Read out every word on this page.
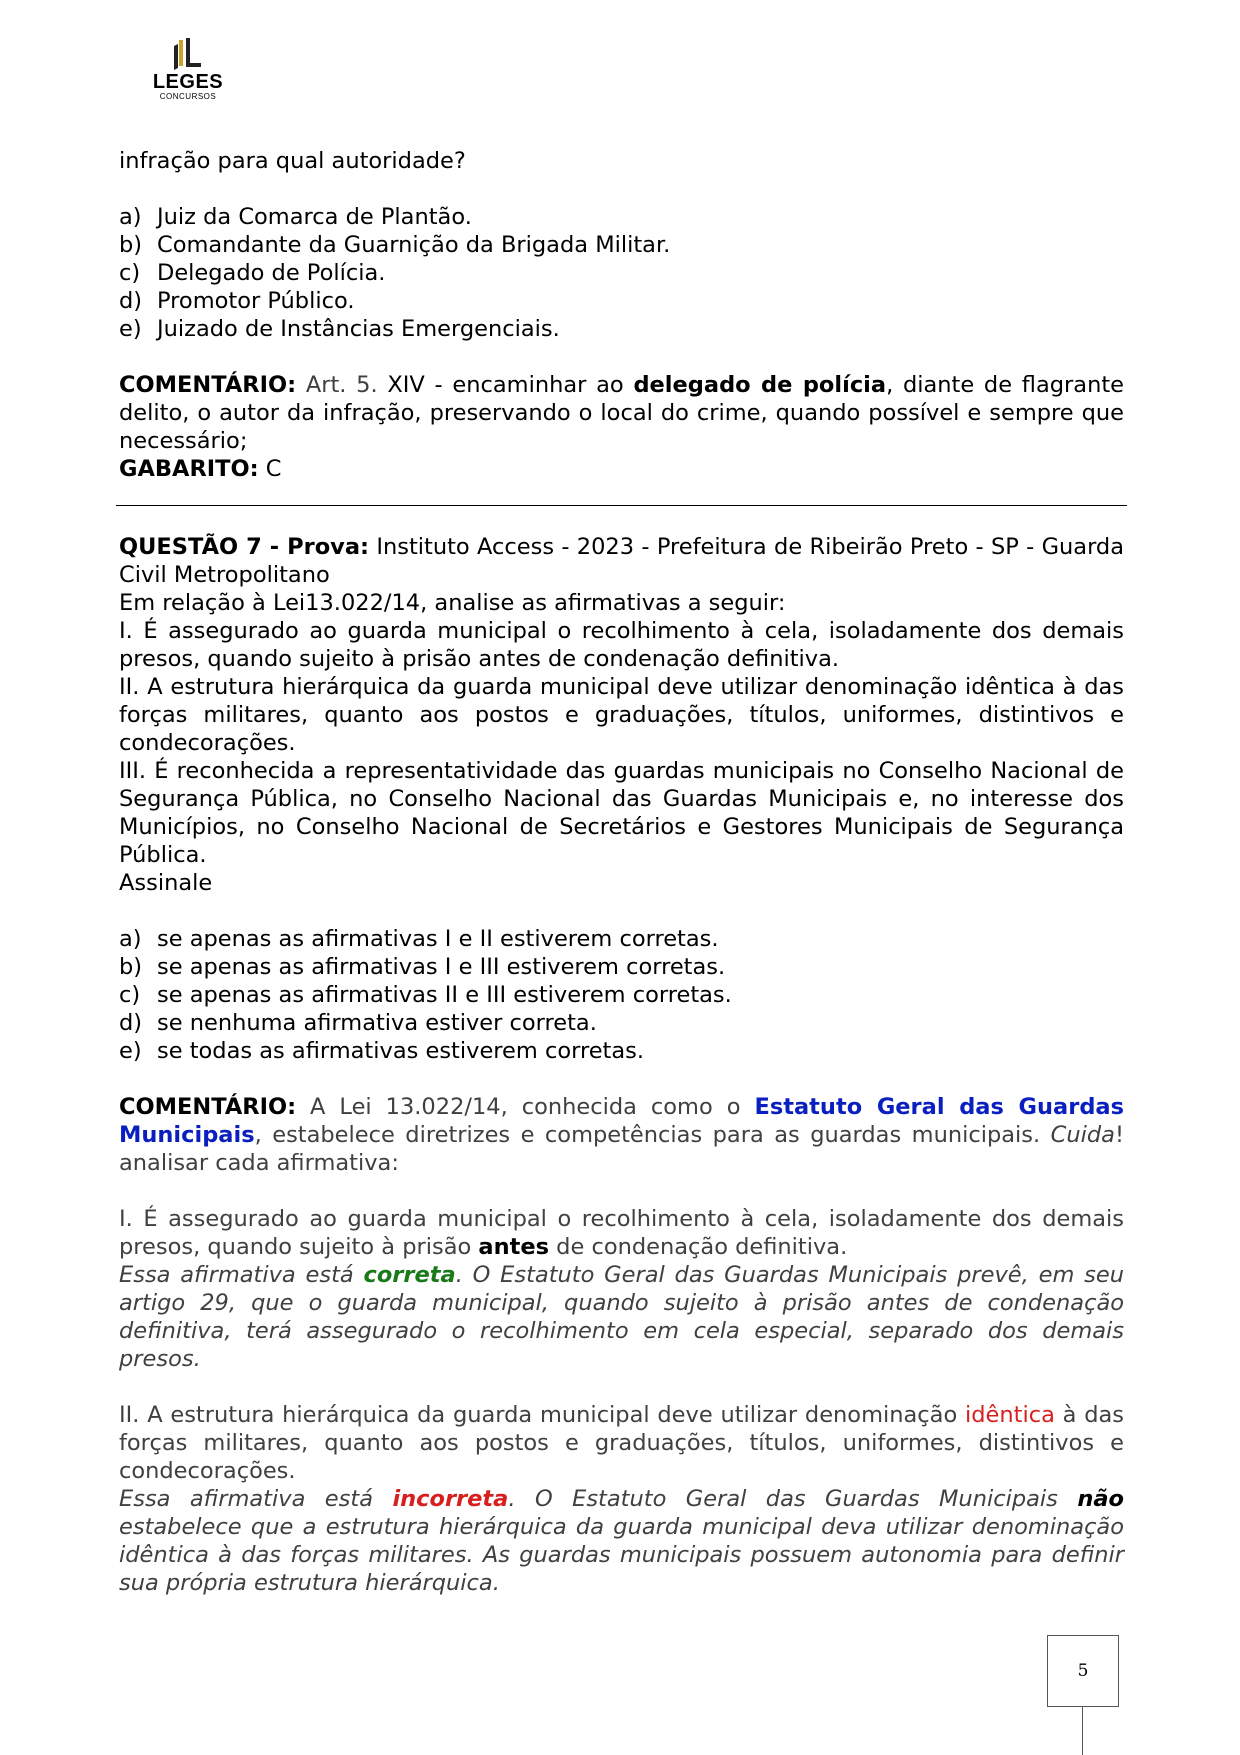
LEGES
CONCURSOS

infração para qual autoridade?

a) Juiz da Comarca de Plantão.
b) Comandante da Guarnição da Brigada Militar.
c) Delegado de Polícia.
d) Promotor Público.
e) Juizado de Instâncias Emergenciais.

COMENTÁRIO: Art. 5. XIV - encaminhar ao delegado de polícia, diante de flagrante delito, o autor da infração, preservando o local do crime, quando possível e sempre que necessário;

GABARITO: C

QUESTÃO 7 - Prova: Instituto Access - 2023 - Prefeitura de Ribeirão Preto - SP - Guarda Civil Metropolitano

Em relação à Lei13.022/14, analise as afirmativas a seguir:

I. É assegurado ao guarda municipal o recolhimento à cela, isoladamente dos demais presos, quando sujeito à prisão antes de condenação definitiva.

II. A estrutura hierárquica da guarda municipal deve utilizar denominação idêntica à das forças militares, quanto aos postos e graduações, títulos, uniformes, distintivos e condecorações.

III. É reconhecida a representatividade das guardas municipais no Conselho Nacional de Segurança Pública, no Conselho Nacional das Guardas Municipais e, no interesse dos Municípios, no Conselho Nacional de Secretários e Gestores Municipais de Segurança Pública.

Assinale

a) se apenas as afirmativas I e II estiverem corretas.
b) se apenas as afirmativas I e III estiverem corretas.
c) se apenas as afirmativas II e III estiverem corretas.
d) se nenhuma afirmativa estiver correta.
e) se todas as afirmativas estiverem corretas.

COMENTÁRIO: A Lei 13.022/14, conhecida como o Estatuto Geral das Guardas Municipais, estabelece diretrizes e competências para as guardas municipais. Cuida! analisar cada afirmativa:

I. É assegurado ao guarda municipal o recolhimento à cela, isoladamente dos demais presos, quando sujeito à prisão antes de condenação definitiva.

Essa afirmativa está correta. O Estatuto Geral das Guardas Municipais prevê, em seu artigo 29, que o guarda municipal, quando sujeito à prisão antes de condenação definitiva, terá assegurado o recolhimento em cela especial, separado dos demais presos.

II. A estrutura hierárquica da guarda municipal deve utilizar denominação idêntica à das forças militares, quanto aos postos e graduações, títulos, uniformes, distintivos e condecorações.

Essa afirmativa está incorreta. O Estatuto Geral das Guardas Municipais não estabelece que a estrutura hierárquica da guarda municipal deva utilizar denominação idêntica à das forças militares. As guardas municipais possuem autonomia para definir sua própria estrutura hierárquica.

5
